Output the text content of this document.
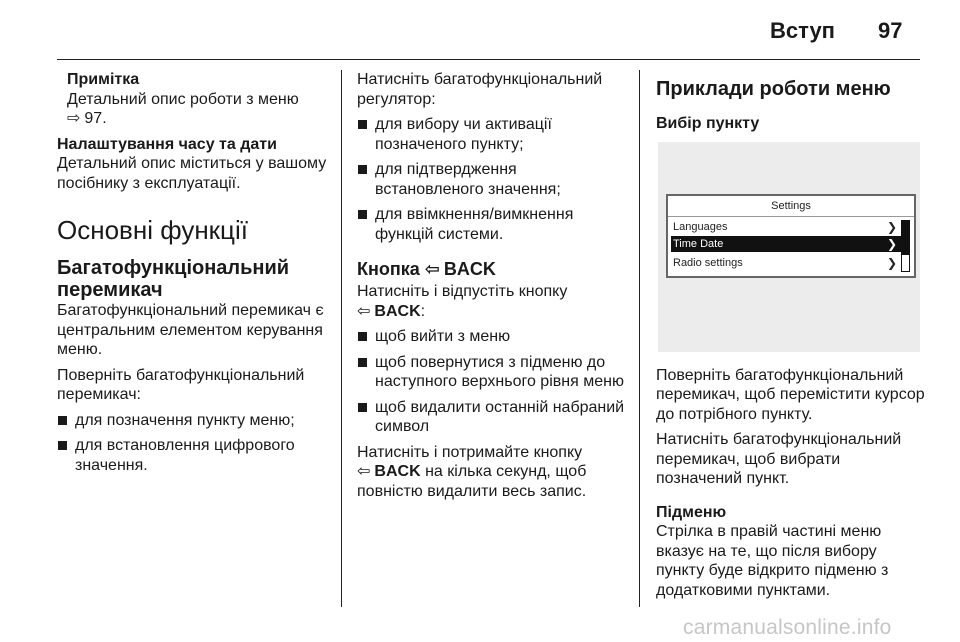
Вступ 97

Примітка

Детальний опис роботи з меню

⇨ 97.

Налаштування часу та дати

Детальний опис міститься у вашому посібнику з експлуатації.

Основні функції
Багатофункціональний перемикач

Багатофункціональний перемикач є центральним елементом керування меню.

Поверніть багатофункціональний перемикач:

для позначення пункту меню;
для встановлення цифрового значення.

Натисніть багатофункціональний регулятор:

для вибору чи активації позначеного пункту;
для підтвердження встановленого значення;
для ввімкнення/вимкнення функцій системи.
Кнопка ⇦ BACK

Натисніть і відпустіть кнопку

⇦ BACK:

щоб вийти з меню
щоб повернутися з підменю до наступного верхнього рівня меню
щоб видалити останній набраний символ

Натисніть і потримайте кнопку

⇦ BACK на кілька секунд, щоб повністю видалити весь запис.

Приклади роботи меню

Вибір пункту

Settings
Languages	❯
Time Date	❯
Radio settings	❯

Поверніть багатофункціональний перемикач, щоб перемістити курсор до потрібного пункту.

Натисніть багатофункціональний перемикач, щоб вибрати позначений пункт.

Підменю

Стрілка в правій частині меню вказує на те, що після вибору пункту буде відкрито підменю з додатковими пунктами.

carmanualsonline.info
